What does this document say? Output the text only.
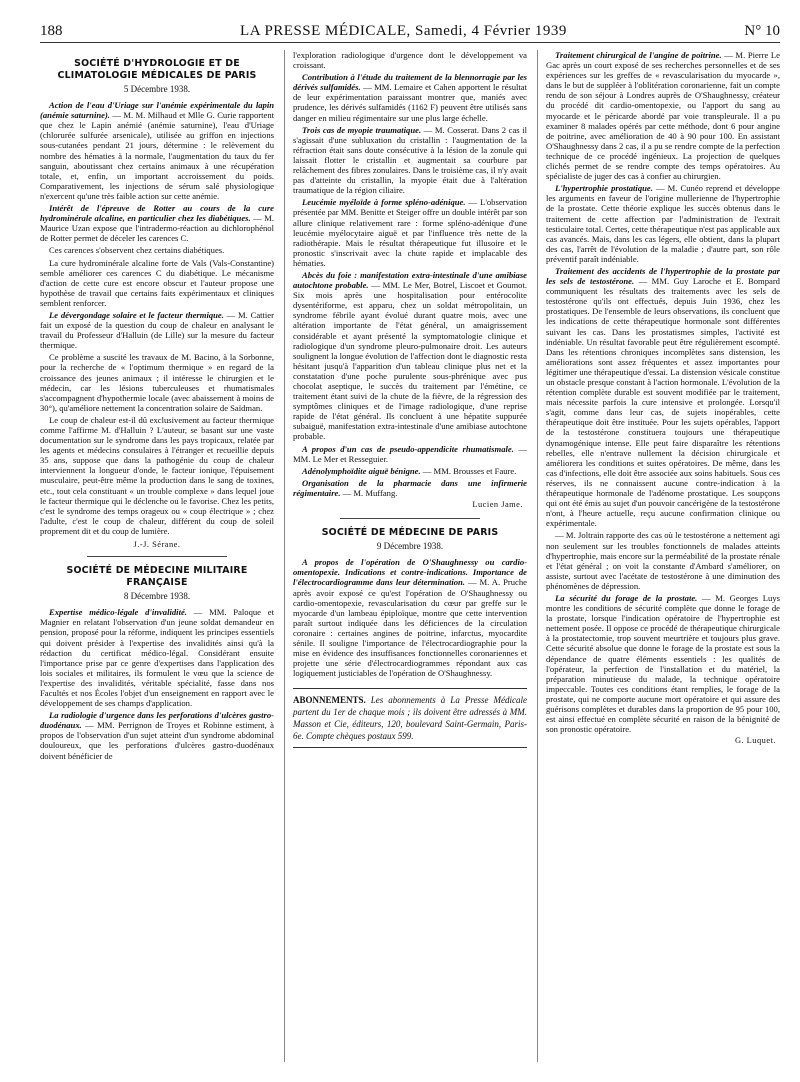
188	LA PRESSE MÉDICALE, Samedi, 4 Février 1939	N° 10
SOCIÉTÉ D'HYDROLOGIE ET DE CLIMATOLOGIE MÉDICALES DE PARIS
5 Décembre 1938.

Action de l'eau d'Uriage sur l'anémie expérimentale du lapin (anémie saturnine). — M. M. Milhaud et Mlle G. Curie rapportent que chez le Lapin anémié (anémie saturnine), l'eau d'Uriage (chlorurée sulfurée arsenicale), utilisée au griffon en injections sous-cutanées pendant 21 jours, détermine : le relèvement du nombre des hématies à la normale, l'augmentation du taux du fer sanguin, aboutissant chez certains animaux à une récupération totale, et, enfin, un important accroissement du poids. Comparativement, les injections de sérum salé physiologique n'exercent qu'une très faible action sur cette anémie.

Intérêt de l'épreuve de Rotter au cours de la cure hydrominérale alcaline, en particulier chez les diabétiques. — M. Maurice Uzan expose que l'intradermo-réaction au dichlorophénol de Rotter permet de déceler les carences C.

Ces carences s'observent chez certains diabétiques.

La cure hydrominérale alcaline forte de Vals (Vals-Constantine) semble améliorer ces carences C du diabétique. Le mécanisme d'action de cette cure est encore obscur et l'auteur propose une hypothèse de travail que certains faits expérimentaux et cliniques semblent renforcer.

Le dévergondage solaire et le facteur thermique. — M. Cattier fait un exposé de la question du coup de chaleur en analysant le travail du Professeur d'Halluin (de Lille) sur la mesure du facteur thermique.

Ce problème a suscité les travaux de M. Bacino, à la Sorbonne, pour la recherche de « l'optimum thermique » en regard de la croissance des jeunes animaux ; il intéresse le chirurgien et le médecin, car les lésions tuberculeuses et rhumatismales s'accompagnent d'hypothermie locale (avec abaissement à moins de 30°), qu'améliore nettement la concentration solaire de Saïdman.

Le coup de chaleur est-il dû exclusivement au facteur thermique comme l'affirme M. d'Halluin ? L'auteur, se basant sur une vaste documentation sur le syndrome dans les pays tropicaux, relatée par les agents et médecins consulaires à l'étranger et recueillie depuis 35 ans, suppose que dans la pathogénie du coup de chaleur interviennent la longueur d'onde, le facteur ionique, l'épuisement musculaire, peut-être même la production dans le sang de toxines, etc., tout cela constituant « un trouble complexe » dans lequel joue le facteur thermique qui le déclenche ou le favorise. Chez les petits, c'est le syndrome des temps orageux ou « coup électrique » ; chez l'adulte, c'est le coup de chaleur, différent du coup de soleil proprement dit et du coup de lumière.

J.-J. Sérane.
SOCIÉTÉ DE MÉDECINE MILITAIRE FRANÇAISE
8 Décembre 1938.

Expertise médico-légale d'invalidité. — MM. Paloque et Magnier en relatant l'observation d'un jeune soldat demandeur en pension, proposé pour la réforme, indiquent les principes essentiels qui doivent présider à l'expertise des invalidités ainsi qu'à la rédaction du certificat médico-légal. Considérant ensuite l'importance prise par ce genre d'expertises dans l'application des lois sociales et militaires, ils formulent le vœu que la science de l'expertise des invalidités, véritable spécialité, fasse dans nos Facultés et nos Écoles l'objet d'un enseignement en rapport avec le développement de ses champs d'application.

La radiologie d'urgence dans les perforations d'ulcères gastro-duodénaux. — MM. Perrignon de Troyes et Robinne estiment, à propos de l'observation d'un sujet atteint d'un syndrome abdominal douloureux, que les perforations d'ulcères gastro-duodénaux doivent bénéficier de

l'exploration radiologique d'urgence dont le développement va croissant.

Contribution à l'étude du traitement de la blennorragie par les dérivés sulfamidés. — MM. Lemaire et Cahen apportent le résultat de leur expérimentation paraissant montrer que, maniés avec prudence, les dérivés sulfamidés (1162 F) peuvent être utilisés sans danger en milieu régimentaire sur une plus large échelle.

Trois cas de myopie traumatique. — M. Cosserat. Dans 2 cas il s'agissait d'une subluxation du cristallin : l'augmentation de la réfraction était sans doute consécutive à la lésion de la zonule qui laissait flotter le cristallin et augmentait sa courbure par relâchement des fibres zonulaires. Dans le troisième cas, il n'y avait pas d'atteinte du cristallin, la myopie était due à l'altération traumatique de la région ciliaire.

Leucémie myéloïde à forme spléno-adénique. — L'observation présentée par MM. Benitte et Steiger offre un double intérêt par son allure clinique relativement rare : forme spléno-adénique d'une leucémie myélocytaire aiguë et par l'influence très nette de la radiothérapie. Mais le résultat thérapeutique fut illusoire et le pronostic s'inscrivait avec la chute rapide et implacable des hématies.

Abcès du foie : manifestation extra-intestinale d'une amibiase autochtone probable. — MM. Le Mer, Botrel, Liscoet et Goumot. Six mois après une hospitalisation pour entérocolite dysentériforme, est apparu, chez un soldat métropolitain, un syndrome fébrile ayant évolué durant quatre mois, avec une altération importante de l'état général, un amaigrissement considérable et ayant présenté la symptomatologie clinique et radiologique d'un syndrome pleuro-pulmonaire droit. Les auteurs soulignent la longue évolution de l'affection dont le diagnostic resta hésitant jusqu'à l'apparition d'un tableau clinique plus net et la constatation d'une poche purulente sous-phrénique avec pus chocolat aseptique, le succès du traitement par l'émétine, ce traitement étant suivi de la chute de la fièvre, de la régression des symptômes cliniques et de l'image radiologique, d'une reprise rapide de l'état général. Ils concluent à une hépatite suppurée subaiguë, manifestation extra-intestinale d'une amibiase autochtone probable.

A propos d'un cas de pseudo-appendicite rhumatismale. — MM. Le Mer et Resseguier.

Adénolymphoïdite aiguë bénigne. — MM. Brousses et Faure.

Organisation de la pharmacie dans une infirmerie régimentaire. — M. Muffang.

Lucien Jame.
SOCIÉTÉ DE MÉDECINE DE PARIS
9 Décembre 1938.

A propos de l'opération de O'Shaughnessy ou cardio-omentopexie. Indications et contre-indications. Importance de l'électrocardiogramme dans leur détermination. — M. A. Pruche après avoir exposé ce qu'est l'opération de O'Shaughnessy ou cardio-omentopexie, revascularisation du cœur par greffe sur le myocarde d'un lambeau épiploïque, montre que cette intervention paraît surtout indiquée dans les déficiences de la circulation coronaire : certaines angines de poitrine, infarctus, myocardite sénile. Il souligne l'importance de l'électrocardiographie pour la mise en évidence des insuffisances fonctionnelles coronariennes et projette une série d'électrocardiogrammes répondant aux cas logiquement justiciables de l'opération de O'Shaughnessy.

ABONNEMENTS. Les abonnements à La Presse Médicale partent du 1er de chaque mois ; ils doivent être adressés à MM. Masson et Cie, éditeurs, 120, boulevard Saint-Germain, Paris-6e. Compte chèques postaux 599.

Traitement chirurgical de l'angine de poitrine. — M. Pierre Le Gac après un court exposé de ses recherches personnelles et de ses expériences sur les greffes de « revascularisation du myocarde », dans le but de suppléer à l'oblitération coronarienne, fait un compte rendu de son séjour à Londres auprès de O'Shaughnessy, créateur du procédé dit cardio-omentopexie, ou l'apport du sang au myocarde et le péricarde abordé par voie transpleurale. Il a pu examiner 8 malades opérés par cette méthode, dont 6 pour angine de poitrine, avec amélioration de 40 à 90 pour 100. En assistant O'Shaughnessy dans 2 cas, il a pu se rendre compte de la perfection technique de ce procédé ingénieux. La projection de quelques clichés permet de se rendre compte des temps opératoires. Au spécialiste de juger des cas à confier au chirurgien.

L'hypertrophie prostatique. — M. Cunéo reprend et développe les arguments en faveur de l'origine mullerienne de l'hypertrophie de la prostate. Cette théorie explique les succès obtenus dans le traitement de cette affection par l'administration de l'extrait testiculaire total. Certes, cette thérapeutique n'est pas applicable aux cas avancés. Mais, dans les cas légers, elle obtient, dans la plupart des cas, l'arrêt de l'évolution de la maladie ; d'autre part, son rôle préventif paraît indéniable.

Traitement des accidents de l'hypertrophie de la prostate par les sels de testostérone. — MM. Guy Laroche et E. Bompard communiquent les résultats des traitements avec les sels de testostérone qu'ils ont effectués, depuis Juin 1936, chez les prostatiques. De l'ensemble de leurs observations, ils concluent que les indications de cette thérapeutique hormonale sont différentes suivant les cas. Dans les prostatismes simples, l'activité est indéniable. Un résultat favorable peut être régulièrement escompté. Dans les rétentions chroniques incomplètes sans distension, les améliorations sont assez fréquentes et assez importantes pour légitimer une thérapeutique d'essai. La distension vésicale constitue un obstacle presque constant à l'action hormonale. L'évolution de la rétention complète durable est souvent modifiée par le traitement, mais nécessite parfois la cure intensive et prolongée. Lorsqu'il s'agit, comme dans leur cas, de sujets inopérables, cette thérapeutique doit être instituée. Pour les sujets opérables, l'apport de la testostérone constituera toujours une thérapeutique dynamogénique intense. Elle peut faire disparaître les rétentions rebelles, elle n'entrave nullement la décision chirurgicale et améliorera les conditions et suites opératoires. De même, dans les cas d'infections, elle doit être associée aux soins habituels. Sous ces réserves, ils ne connaissent aucune contre-indication à la thérapeutique hormonale de l'adénome prostatique. Les soupçons qui ont été émis au sujet d'un pouvoir cancérigène de la testostérone n'ont, à l'heure actuelle, reçu aucune confirmation clinique ou expérimentale.

— M. Joltrain rapporte des cas où le testostérone a nettement agi non seulement sur les troubles fonctionnels de malades atteints d'hypertrophie, mais encore sur la perméabilité de la prostate rénale et l'état général ; on voit la constante d'Ambard s'améliorer, on assiste, surtout avec l'acétate de testostérone à une diminution des phénomènes de dépression.

La sécurité du forage de la prostate. — M. Georges Luys montre les conditions de sécurité complète que donne le forage de la prostate, lorsque l'indication opératoire de l'hypertrophie est nettement posée. Il oppose ce procédé de thérapeutique chirurgicale à la prostatectomie, trop souvent meurtrière et toujours plus grave. Cette sécurité absolue que donne le forage de la prostate est sous la dépendance de quatre éléments essentiels : les qualités de l'opérateur, la perfection de l'installation et du matériel, la préparation minutieuse du malade, la technique opératoire impeccable. Toutes ces conditions étant remplies, le forage de la prostate, qui ne comporte aucune mort opératoire et qui assure des guérisons complètes et durables dans la proportion de 95 pour 100, est ainsi effectué en complète sécurité en raison de la bénignité de son pronostic opératoire.

G. Luquet.
